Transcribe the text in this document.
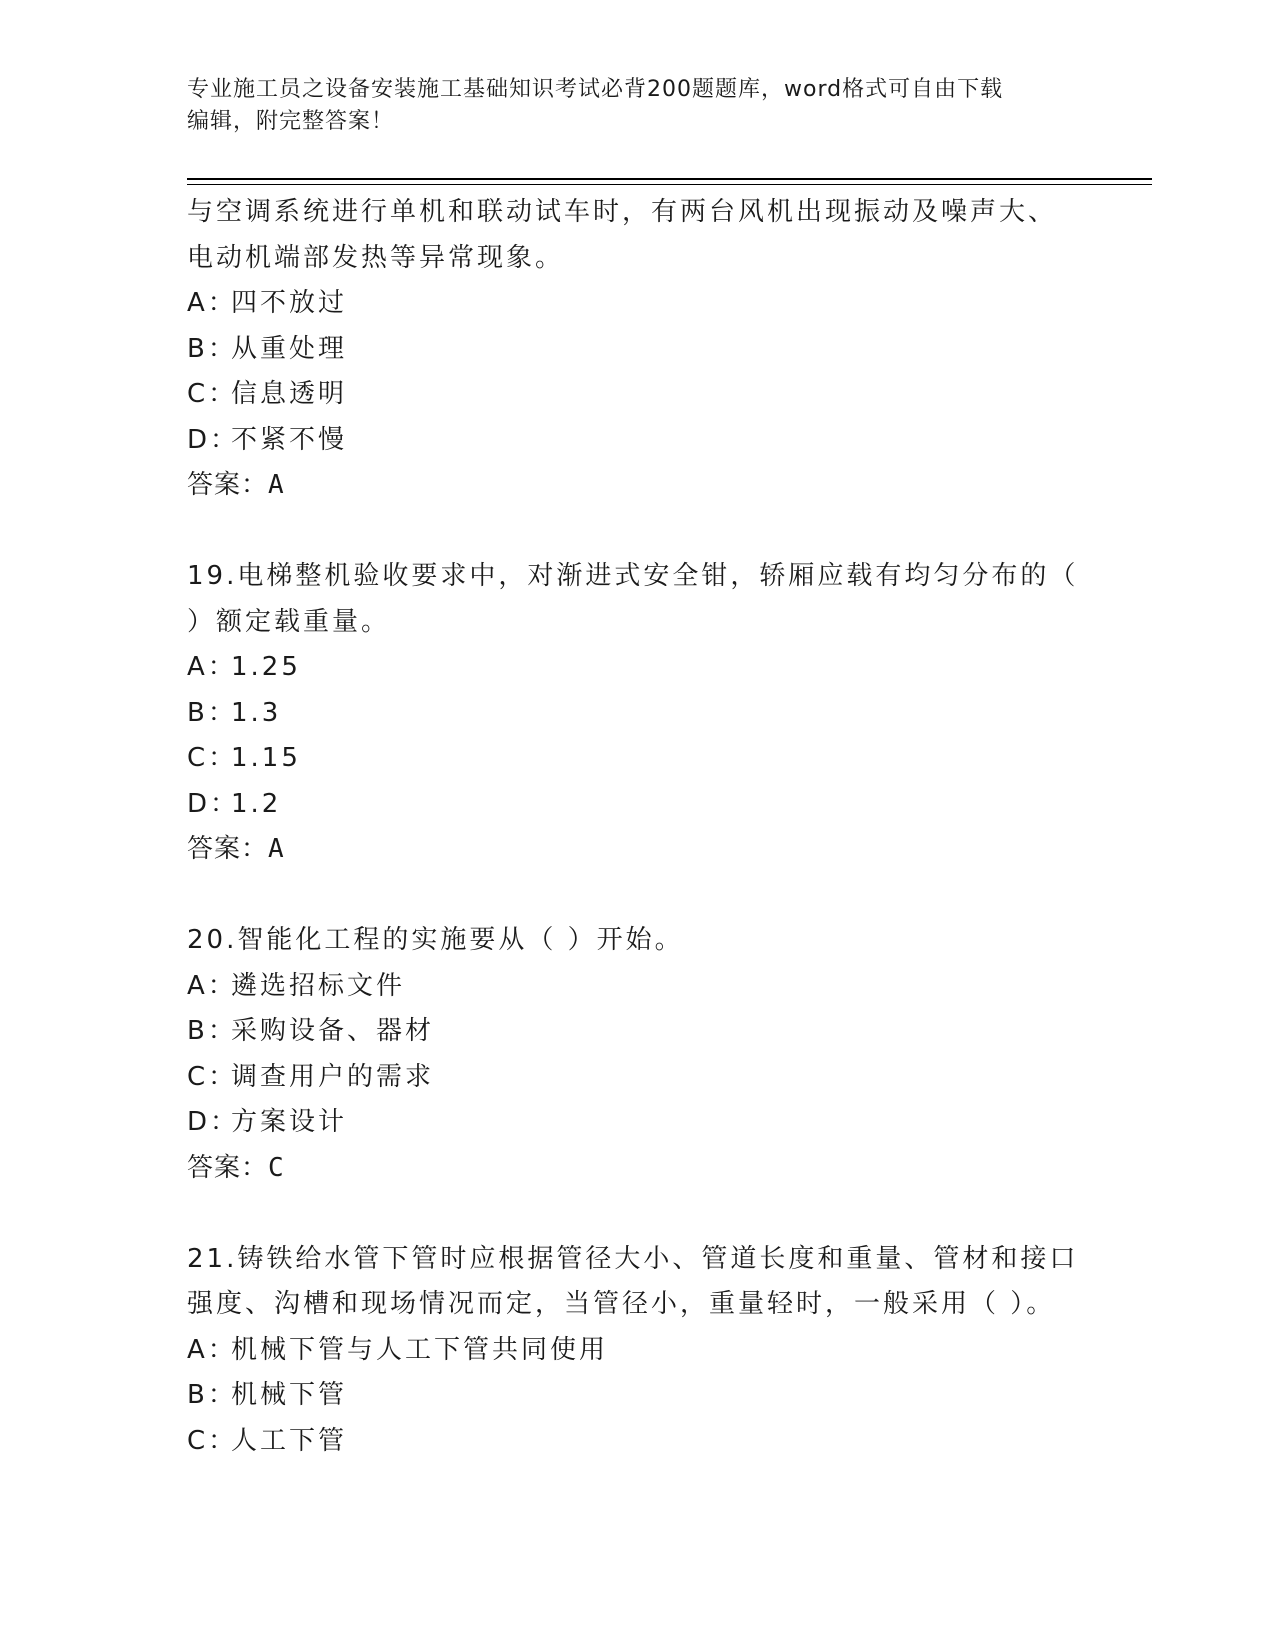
专业施工员之设备安装施工基础知识考试必背200题题库，word格式可自由下载
编辑，附完整答案！
与空调系统进行单机和联动试车时，有两台风机出现振动及噪声大、
电动机端部发热等异常现象。
A：四不放过
B：从重处理
C：信息透明
D：不紧不慢
答案：A
19.电梯整机验收要求中，对渐进式安全钳，轿厢应载有均匀分布的（
）额定载重量。
A：1.25
B：1.3
C：1.15
D：1.2
答案：A
20.智能化工程的实施要从（ ）开始。
A：遴选招标文件
B：采购设备、器材
C：调查用户的需求
D：方案设计
答案：C
21.铸铁给水管下管时应根据管径大小、管道长度和重量、管材和接口
强度、沟槽和现场情况而定，当管径小，重量轻时，一般采用（ ）。
A：机械下管与人工下管共同使用
B：机械下管
C：人工下管
